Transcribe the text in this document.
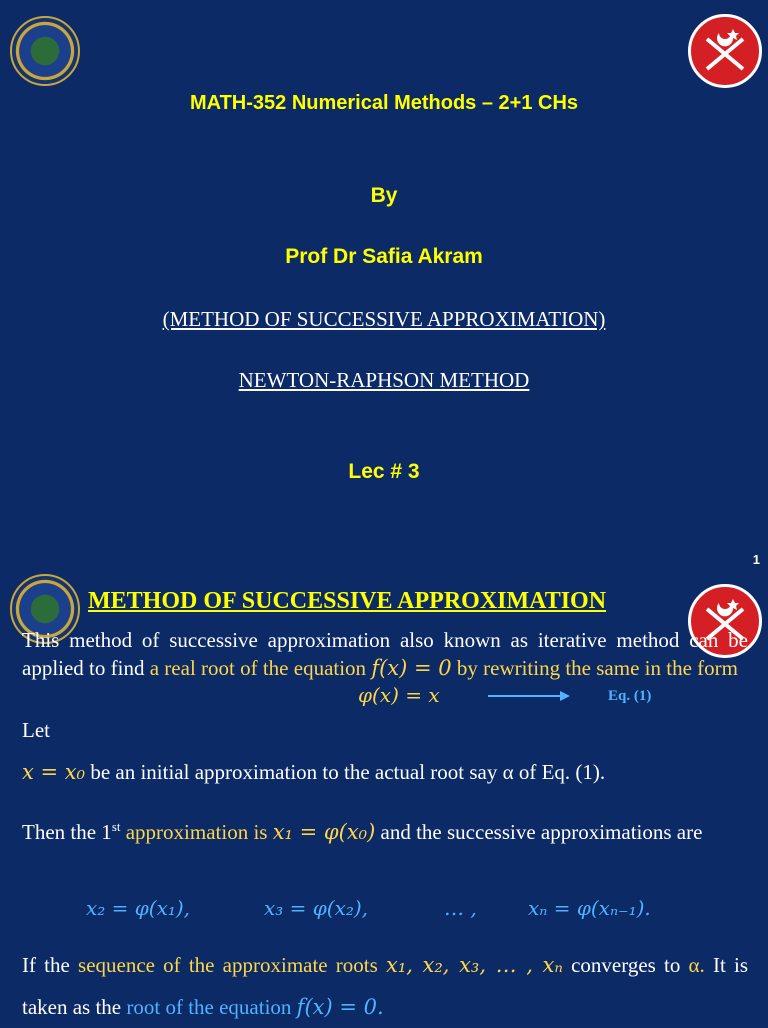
MATH-352 Numerical Methods – 2+1 CHs
By
Prof Dr Safia Akram
(METHOD OF SUCCESSIVE APPROXIMATION)
NEWTON-RAPHSON METHOD
Lec # 3
1
METHOD OF SUCCESSIVE APPROXIMATION
This method of successive approximation also known as iterative method can be applied to find a real root of the equation f(x) = 0 by rewriting the same in the form
φ(x) = x	Eq. (1)
Let
x = x₀ be an initial approximation to the actual root say α of Eq. (1).
Then the 1st approximation is x₁ = φ(x₀) and the successive approximations are
x₂ = φ(x₁),	x₃ = φ(x₂),	… ,	xₙ = φ(xₙ₋₁).
If the sequence of the approximate roots x₁, x₂, x₃, … , xₙ converges to α. It is taken as the root of the equation f(x) = 0.
